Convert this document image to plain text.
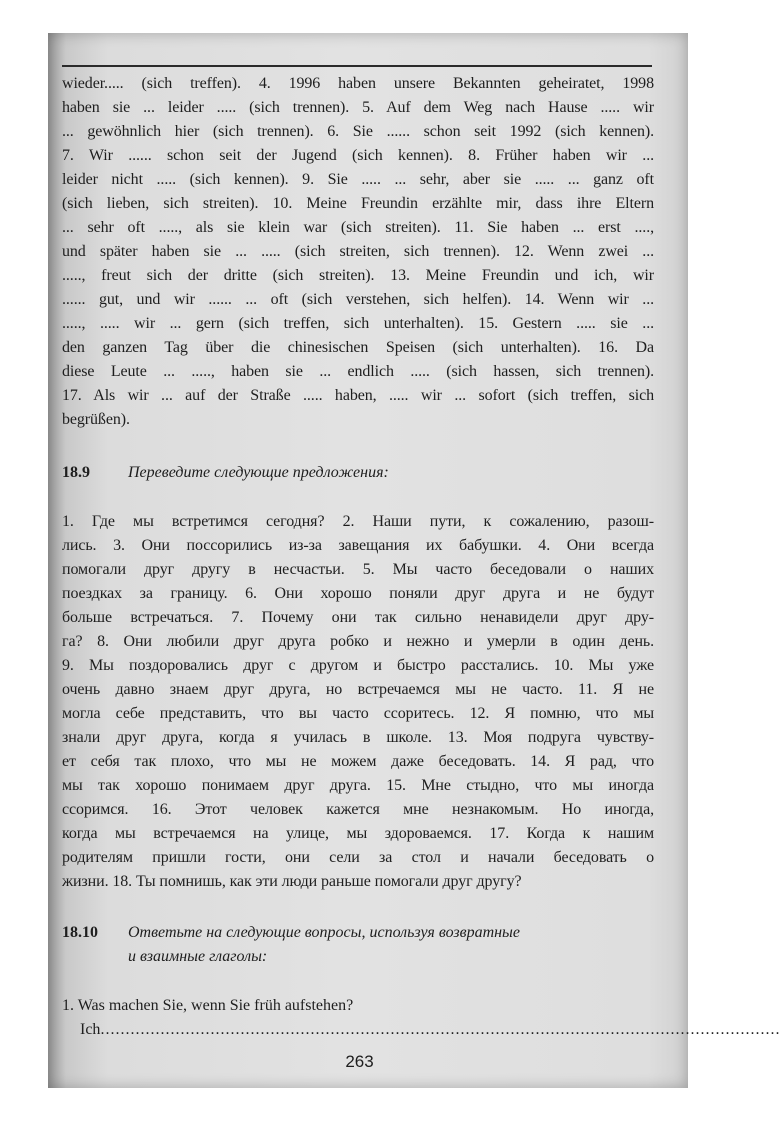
wieder..... (sich treffen). 4. 1996 haben unsere Bekannten geheiratet, 1998
haben sie ... leider ..... (sich trennen). 5. Auf dem Weg nach Hause ..... wir
... gewöhnlich hier (sich trennen). 6. Sie ...... schon seit 1992 (sich kennen).
7. Wir ...... schon seit der Jugend (sich kennen). 8. Früher haben wir ...
leider nicht ..... (sich kennen). 9. Sie ..... ... sehr, aber sie ..... ... ganz oft
(sich lieben, sich streiten). 10. Meine Freundin erzählte mir, dass ihre Eltern
... sehr oft ....., als sie klein war (sich streiten). 11. Sie haben ... erst ....,
und später haben sie ... ..... (sich streiten, sich trennen). 12. Wenn zwei ...
....., freut sich der dritte (sich streiten). 13. Meine Freundin und ich, wir
...... gut, und wir ...... ... oft (sich verstehen, sich helfen). 14. Wenn wir ...
....., ..... wir ... gern (sich treffen, sich unterhalten). 15. Gestern ..... sie ...
den ganzen Tag über die chinesischen Speisen (sich unterhalten). 16. Da
diese Leute ... ....., haben sie ... endlich ..... (sich hassen, sich trennen).
17. Als wir ... auf der Straße ..... haben, ..... wir ... sofort (sich treffen, sich
begrüßen).
18.9 Переведите следующие предложения:
1. Где мы встретимся сегодня? 2. Наши пути, к сожалению, разош-
лись. 3. Они поссорились из-за завещания их бабушки. 4. Они всегда
помогали друг другу в несчастьи. 5. Мы часто беседовали о наших
поездках за границу. 6. Они хорошо поняли друг друга и не будут
больше встречаться. 7. Почему они так сильно ненавидели друг дру-
га? 8. Они любили друг друга робко и нежно и умерли в один день.
9. Мы поздоровались друг с другом и быстро расстались. 10. Мы уже
очень давно знаем друг друга, но встречаемся мы не часто. 11. Я не
могла себе представить, что вы часто ссоритесь. 12. Я помню, что мы
знали друг друга, когда я училась в школе. 13. Моя подруга чувству-
ет себя так плохо, что мы не можем даже беседовать. 14. Я рад, что
мы так хорошо понимаем друг друга. 15. Мне стыдно, что мы иногда
ссоримся. 16. Этот человек кажется мне незнакомым. Но иногда,
когда мы встречаемся на улице, мы здороваемся. 17. Когда к нашим
родителям пришли гости, они сели за стол и начали беседовать о
жизни. 18. Ты помнишь, как эти люди раньше помогали друг другу?
18.10 Ответьте на следующие вопросы, используя возвратные
и взаимные глаголы:
1. Was machen Sie, wenn Sie früh aufstehen?
Ich........................................................................................................................................
263
